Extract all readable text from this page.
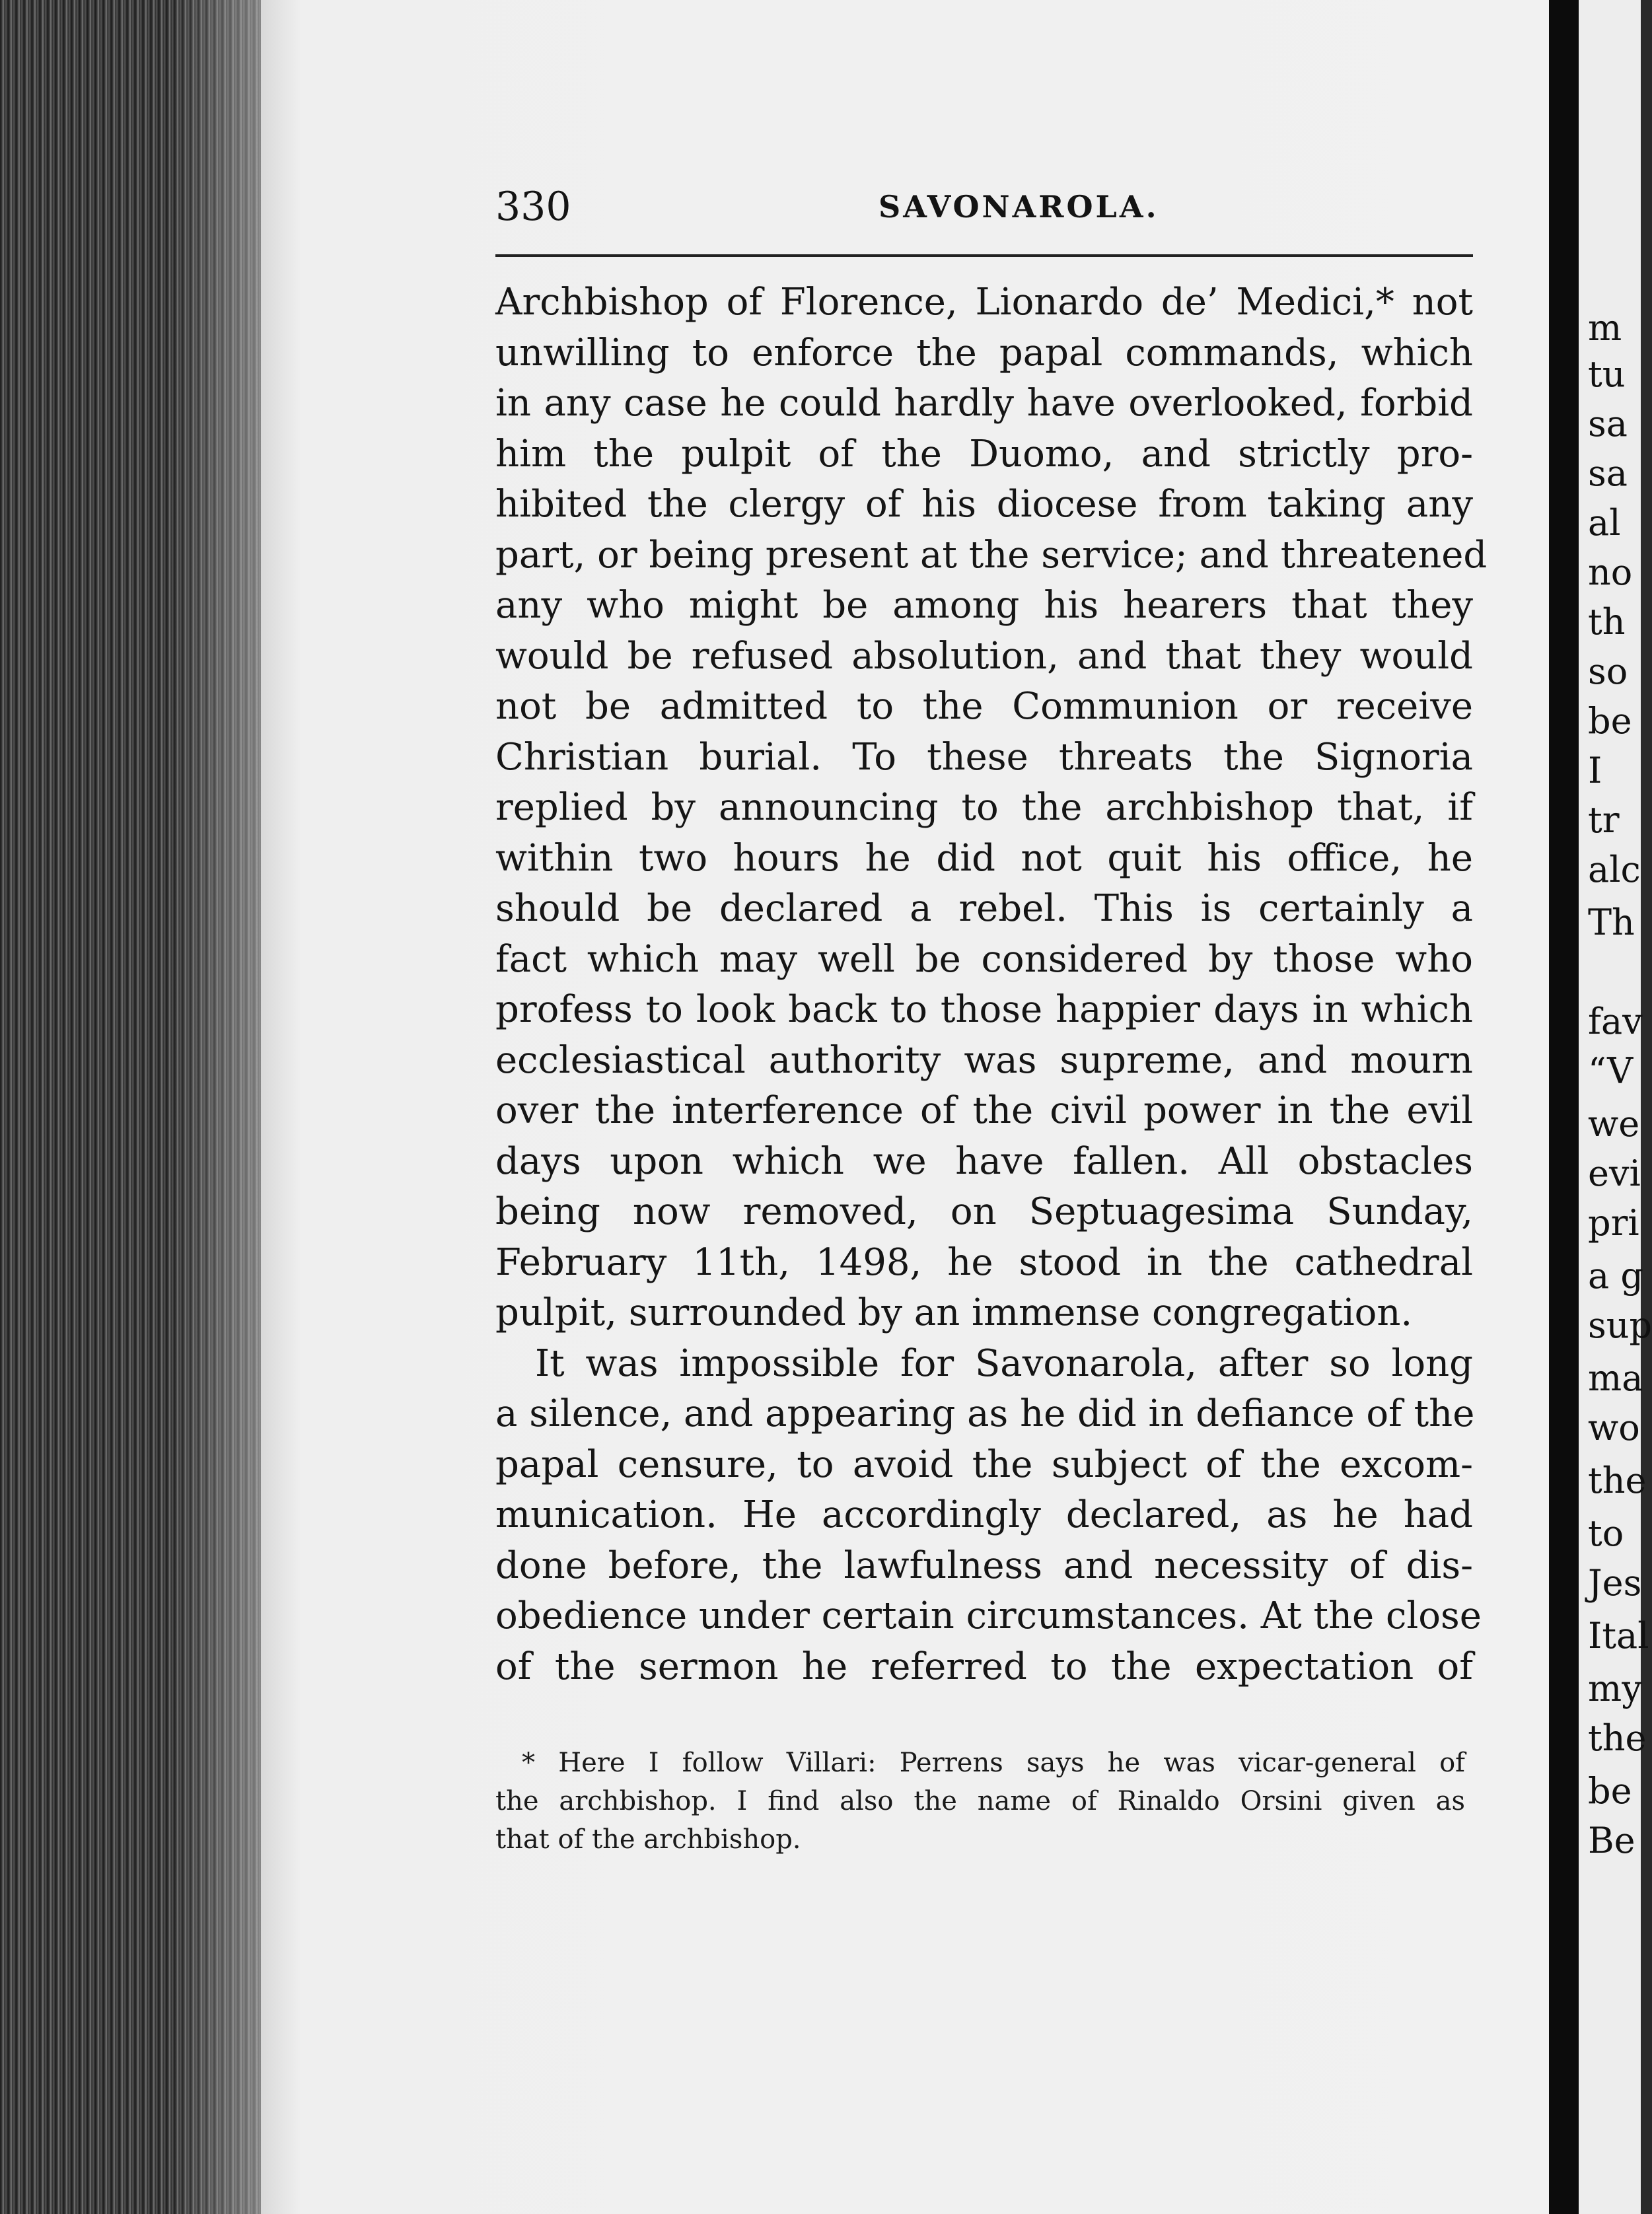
m
tu
sa
sa
al
no
th
so
be
I
tr
alc
Th
fav
“V
we
evi
pri
a g
sup
ma
wo
the
to
Jes
Ital
my
the
be
Be
330	SAVONAROLA.
Archbishop of Florence, Lionardo de’ Medici,* not
unwilling to enforce the papal commands, which
in any case he could hardly have overlooked, forbid
him the pulpit of the Duomo, and strictly pro-
hibited the clergy of his diocese from taking any
part, or being present at the service; and threatened
any who might be among his hearers that they
would be refused absolution, and that they would
not be admitted to the Communion or receive
Christian burial. To these threats the Signoria
replied by announcing to the archbishop that, if
within two hours he did not quit his office, he
should be declared a rebel. This is certainly a
fact which may well be considered by those who
profess to look back to those happier days in which
ecclesiastical authority was supreme, and mourn
over the interference of the civil power in the evil
days upon which we have fallen. All obstacles
being now removed, on Septuagesima Sunday,
February 11th, 1498, he stood in the cathedral
pulpit, surrounded by an immense congregation.
It was impossible for Savonarola, after so long
a silence, and appearing as he did in defiance of the
papal censure, to avoid the subject of the excom-
munication. He accordingly declared, as he had
done before, the lawfulness and necessity of dis-
obedience under certain circumstances. At the close
of the sermon he referred to the expectation of
* Here I follow Villari: Perrens says he was vicar-general of
the archbishop. I find also the name of Rinaldo Orsini given as
that of the archbishop.
